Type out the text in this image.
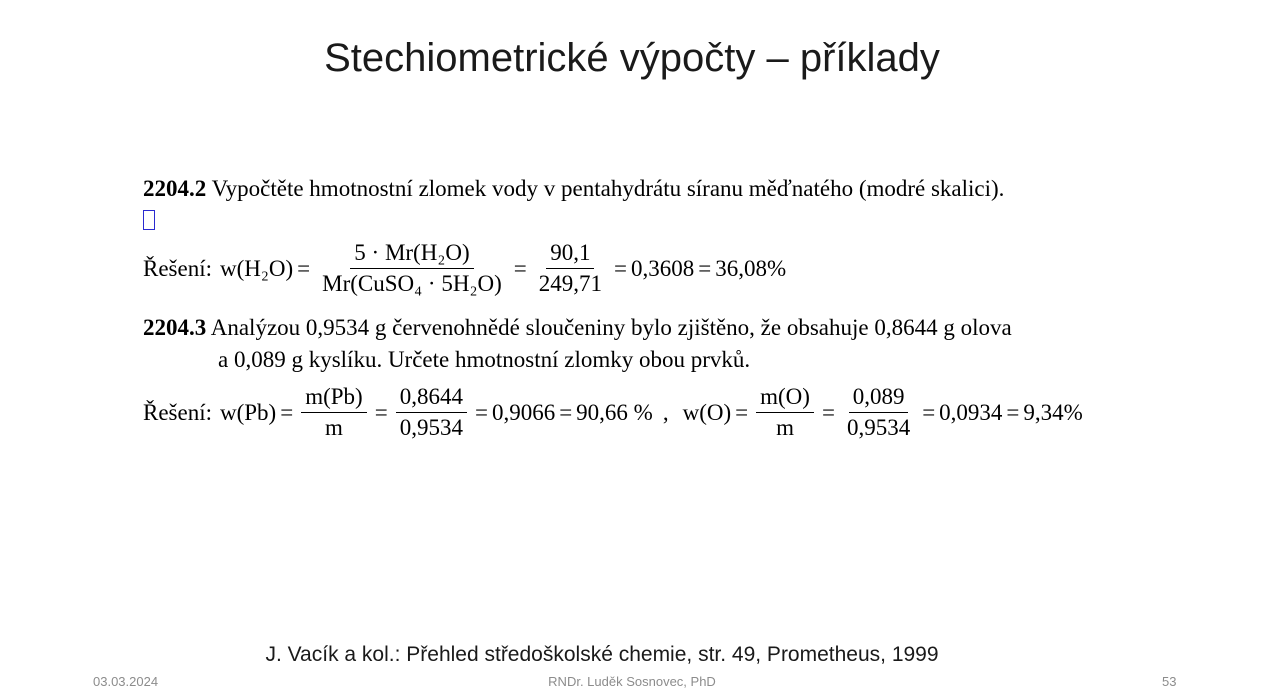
Stechiometrické výpočty – příklady
2204.2 Vypočtěte hmotnostní zlomek vody v pentahydrátu síranu měďnatého (modré skalici).
Řešení: $w(H_2O) = \frac{\text{5 · Mr(H₂O)}}{\text{Mr(CuSO₄ · 5H₂O)}} = \frac{90,1}{249,71} = 0,3608 = 36,08\%$
2204.3 Analýzou 0,9534 g červenohnědé sloučeniny bylo zjištěno, že obsahuje 0,8644 g olova
a 0,089 g kyslíku. Určete hmotnostní zlomky obou prvků.
Řešení: $w(Pb) = \frac{m(Pb)}{m} = \frac{0,8644}{0,9534} = 0,9066 = 90,66$ % , $w(O) = \frac{m(O)}{m} = \frac{0,089}{0,9534} = 0,0934 = 9,34\%$
J. Vacík a kol.: Přehled středoškolské chemie, str. 49, Prometheus, 1999
03.03.2024	RNDr. Luděk Sosnovec, PhD	53
